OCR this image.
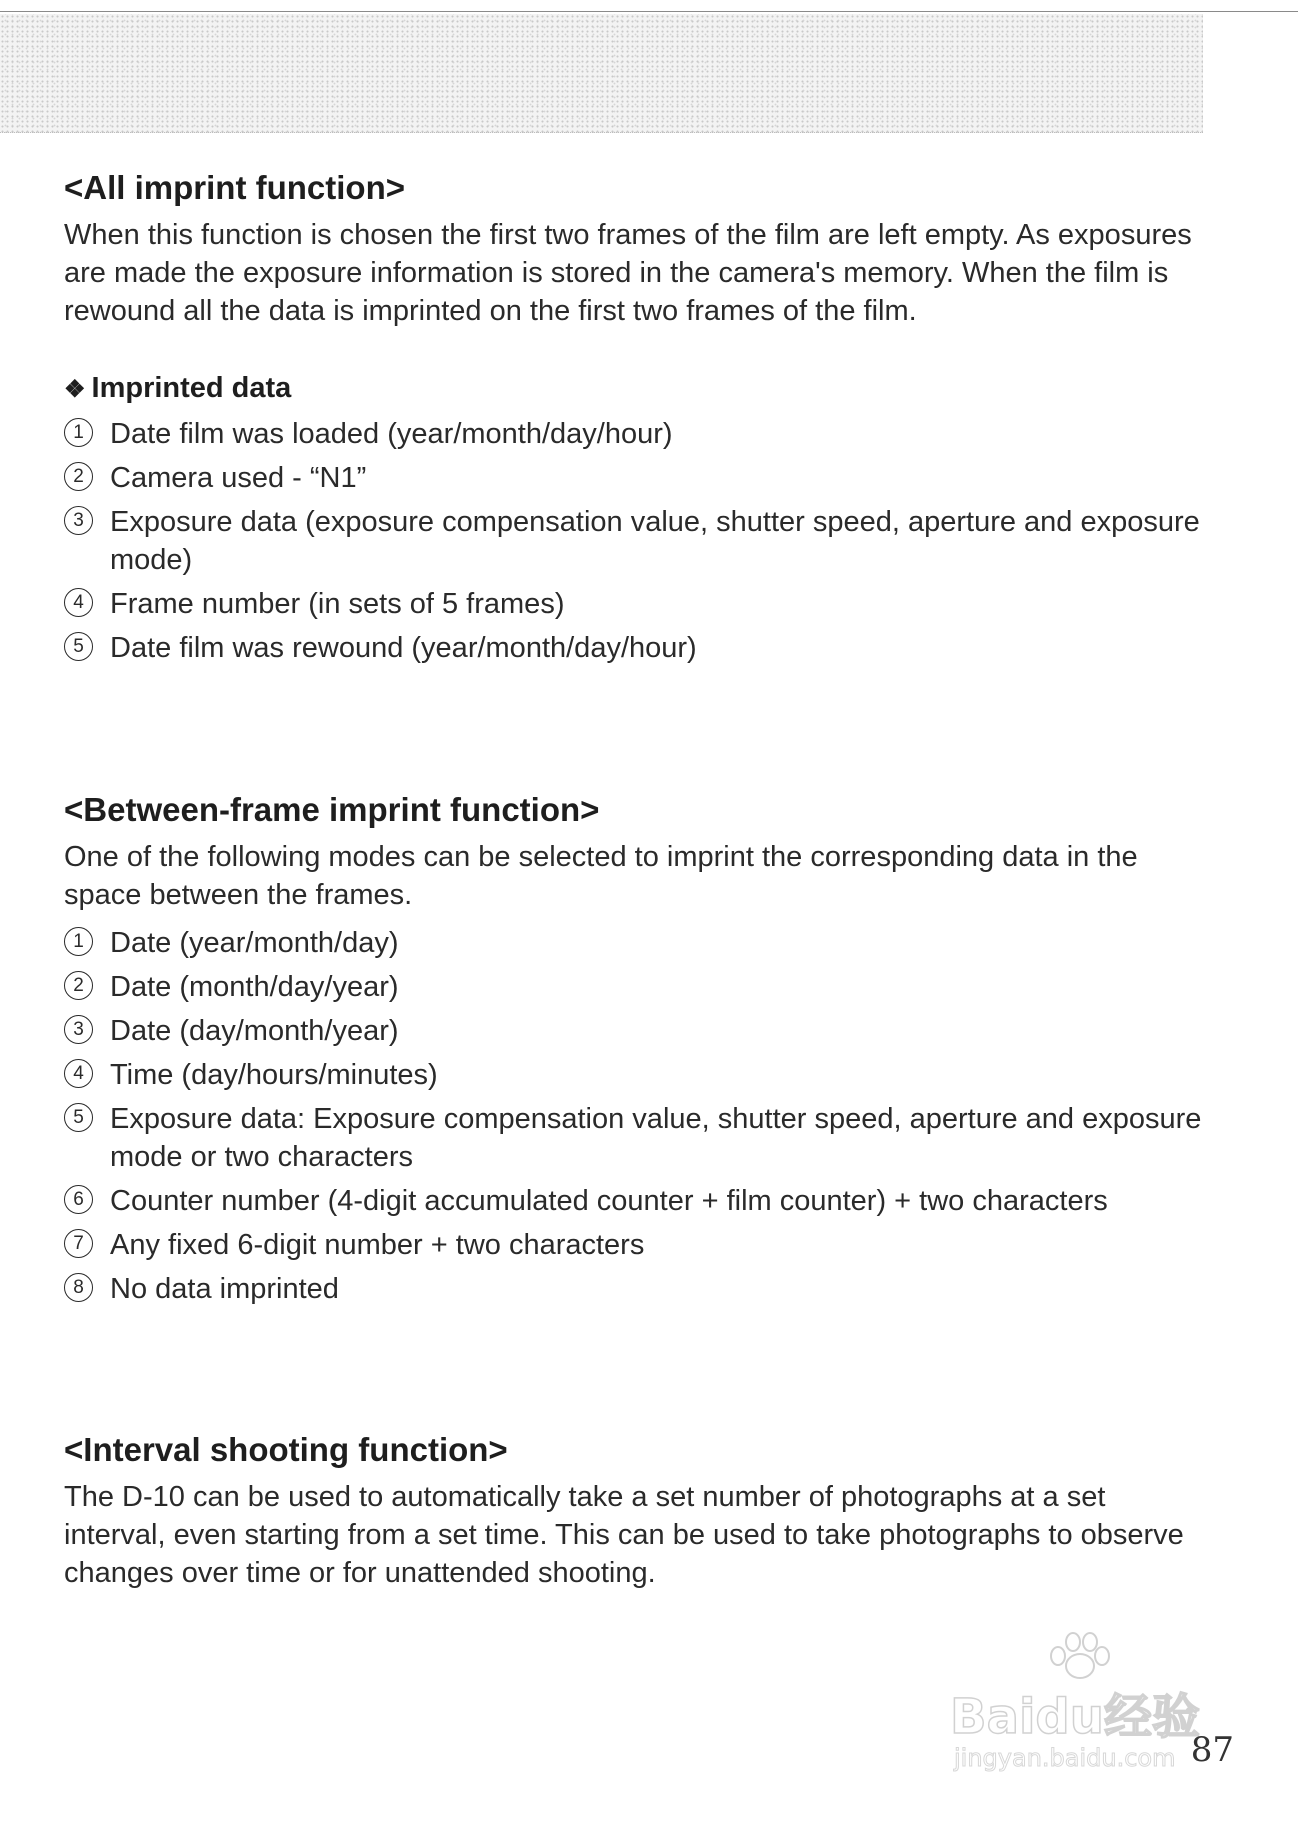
<All imprint function>

When this function is chosen the first two frames of the film are left empty. As exposures are made the exposure information is stored in the camera's memory. When the film is rewound all the data is imprinted on the first two frames of the film.

❖ Imprinted data
1 Date film was loaded (year/month/day/hour)
2 Camera used - “N1”
3 Exposure data (exposure compensation value, shutter speed, aperture and exposure mode)
4 Frame number (in sets of 5 frames)
5 Date film was rewound (year/month/day/hour)
<Between-frame imprint function>

One of the following modes can be selected to imprint the corresponding data in the space between the frames.

1 Date (year/month/day)
2 Date (month/day/year)
3 Date (day/month/year)
4 Time (day/hours/minutes)
5 Exposure data: Exposure compensation value, shutter speed, aperture and exposure mode or two characters
6 Counter number (4-digit accumulated counter + film counter) + two characters
7 Any fixed 6-digit number + two characters
8 No data imprinted
<Interval shooting function>

The D-10 can be used to automatically take a set number of photographs at a set interval, even starting from a set time. This can be used to take photographs to observe changes over time or for unattended shooting.

Baidu经验
jingyan.baidu.com 87
